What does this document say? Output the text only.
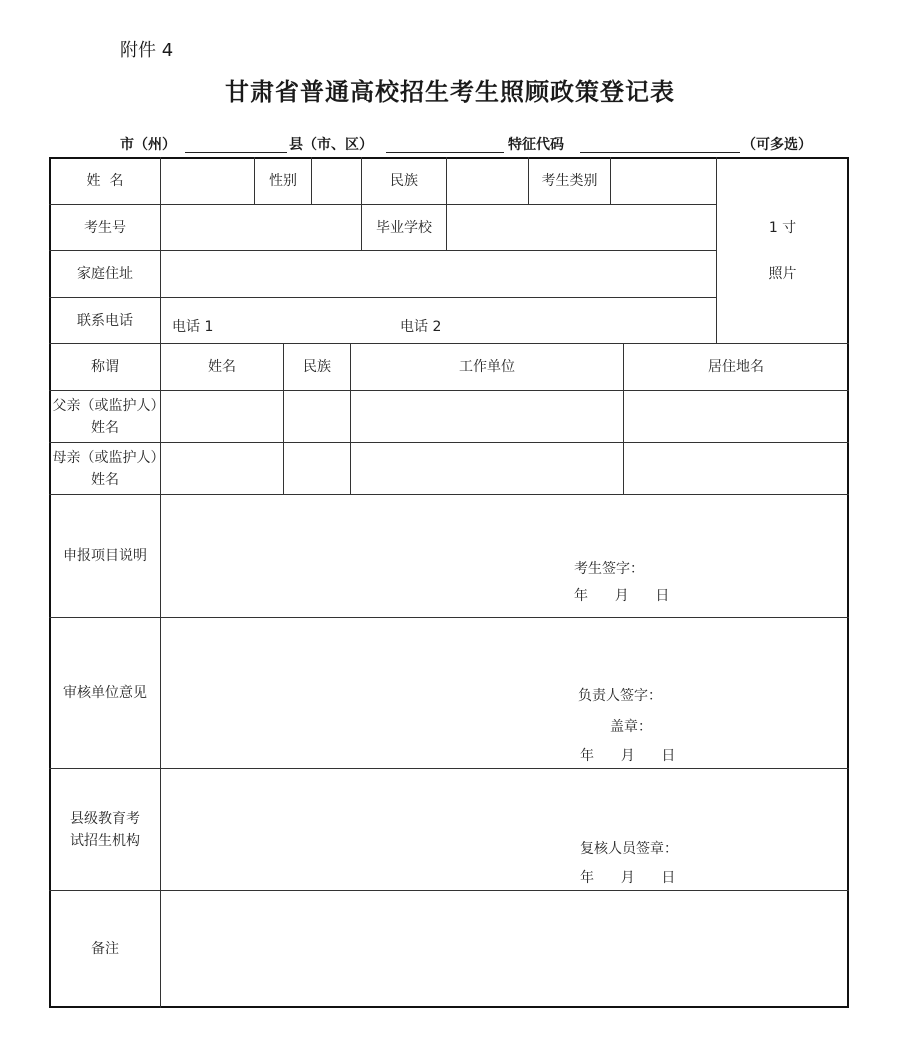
附件 4
甘肃省普通高校招生考生照顾政策登记表
市（州）	县（市、区）	特征代码	（可多选）
姓  名	性别	民族	考生类别
考生号	毕业学校
家庭住址
联系电话	电话 1	电话 2
1 寸
照片
称谓	姓名	民族	工作单位	居住地名
父亲（或监护人）姓名
母亲（或监护人）姓名
申报项目说明
考生签字：
年      月      日
审核单位意见	负责人签字：
盖章：
年      月      日
县级教育考试招生机构
复核人员签章：
年      月      日
备注
